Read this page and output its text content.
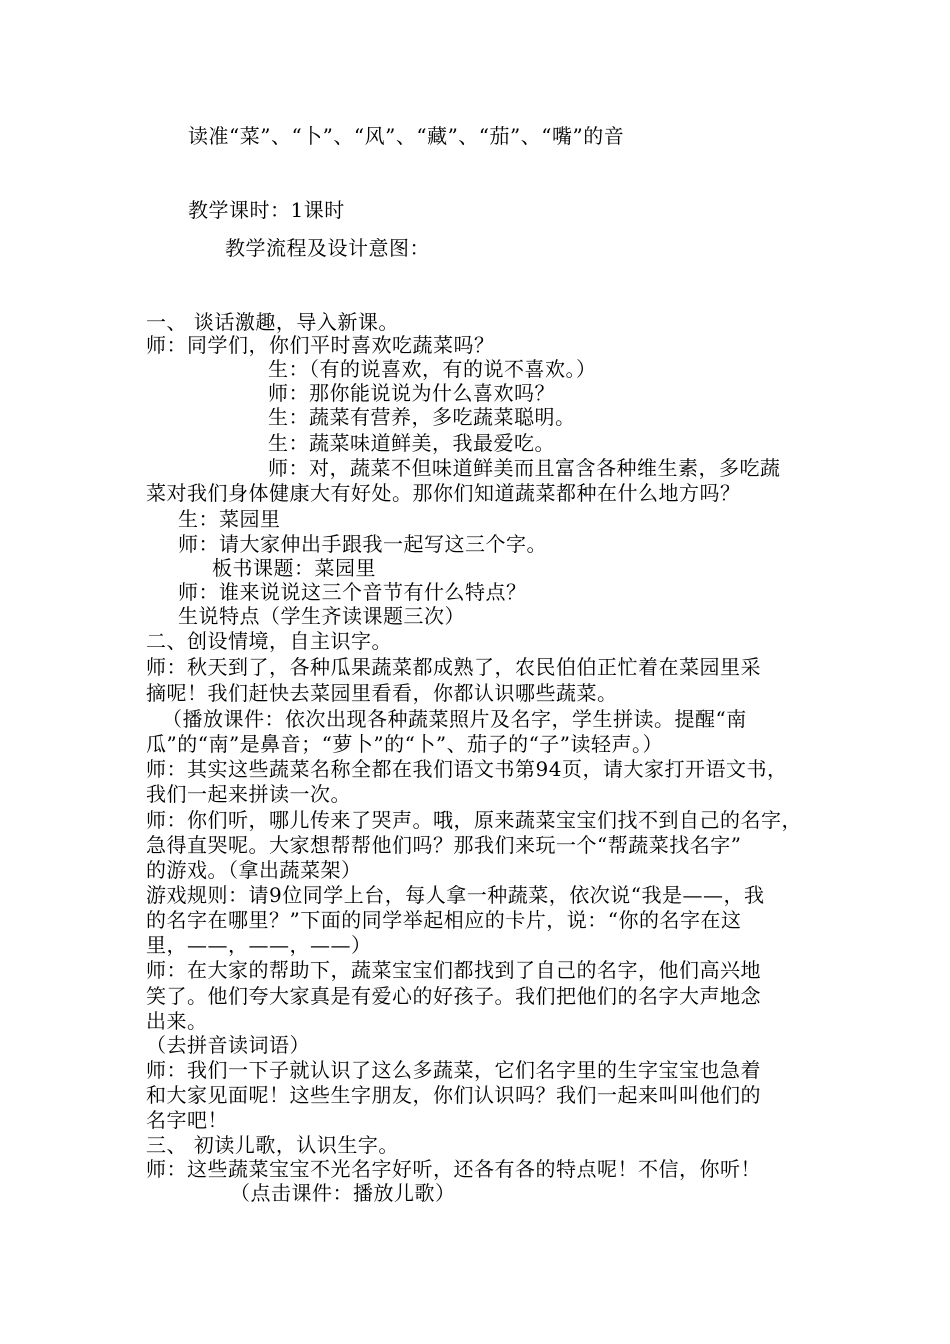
读准“菜”、“卜”、“风”、“藏”、“茄”、“嘴”的音
教学课时：1课时
教学流程及设计意图：
一、 谈话激趣，导入新课。
师：同学们，你们平时喜欢吃蔬菜吗？
生：（有的说喜欢，有的说不喜欢。）
师：那你能说说为什么喜欢吗？
生：蔬菜有营养，多吃蔬菜聪明。
生：蔬菜味道鲜美，我最爱吃。
师：对，蔬菜不但味道鲜美而且富含各种维生素，多吃蔬
菜对我们身体健康大有好处。那你们知道蔬菜都种在什么地方吗？
生：菜园里
师：请大家伸出手跟我一起写这三个字。
板书课题：菜园里
师：谁来说说这三个音节有什么特点？
生说特点（学生齐读课题三次）
二、创设情境，自主识字。
师：秋天到了，各种瓜果蔬菜都成熟了，农民伯伯正忙着在菜园里采
摘呢！我们赶快去菜园里看看，你都认识哪些蔬菜。
（播放课件：依次出现各种蔬菜照片及名字，学生拼读。提醒“南
瓜”的“南”是鼻音；“萝卜”的“卜”、茄子的“子”读轻声。）
师：其实这些蔬菜名称全都在我们语文书第94页，请大家打开语文书，
我们一起来拼读一次。
师：你们听，哪儿传来了哭声。哦，原来蔬菜宝宝们找不到自己的名字，
急得直哭呢。大家想帮帮他们吗？那我们来玩一个“帮蔬菜找名字”
的游戏。（拿出蔬菜架）
游戏规则：请9位同学上台，每人拿一种蔬菜，依次说“我是——，我
的名字在哪里？”下面的同学举起相应的卡片，说：“你的名字在这
里，——，——，——）
师：在大家的帮助下，蔬菜宝宝们都找到了自己的名字，他们高兴地
笑了。他们夸大家真是有爱心的好孩子。我们把他们的名字大声地念
出来。
（去拼音读词语）
师：我们一下子就认识了这么多蔬菜，它们名字里的生字宝宝也急着
和大家见面呢！这些生字朋友，你们认识吗？我们一起来叫叫他们的
名字吧！
三、 初读儿歌，认识生字。
师：这些蔬菜宝宝不光名字好听，还各有各的特点呢！不信，你听！
（点击课件：播放儿歌）
